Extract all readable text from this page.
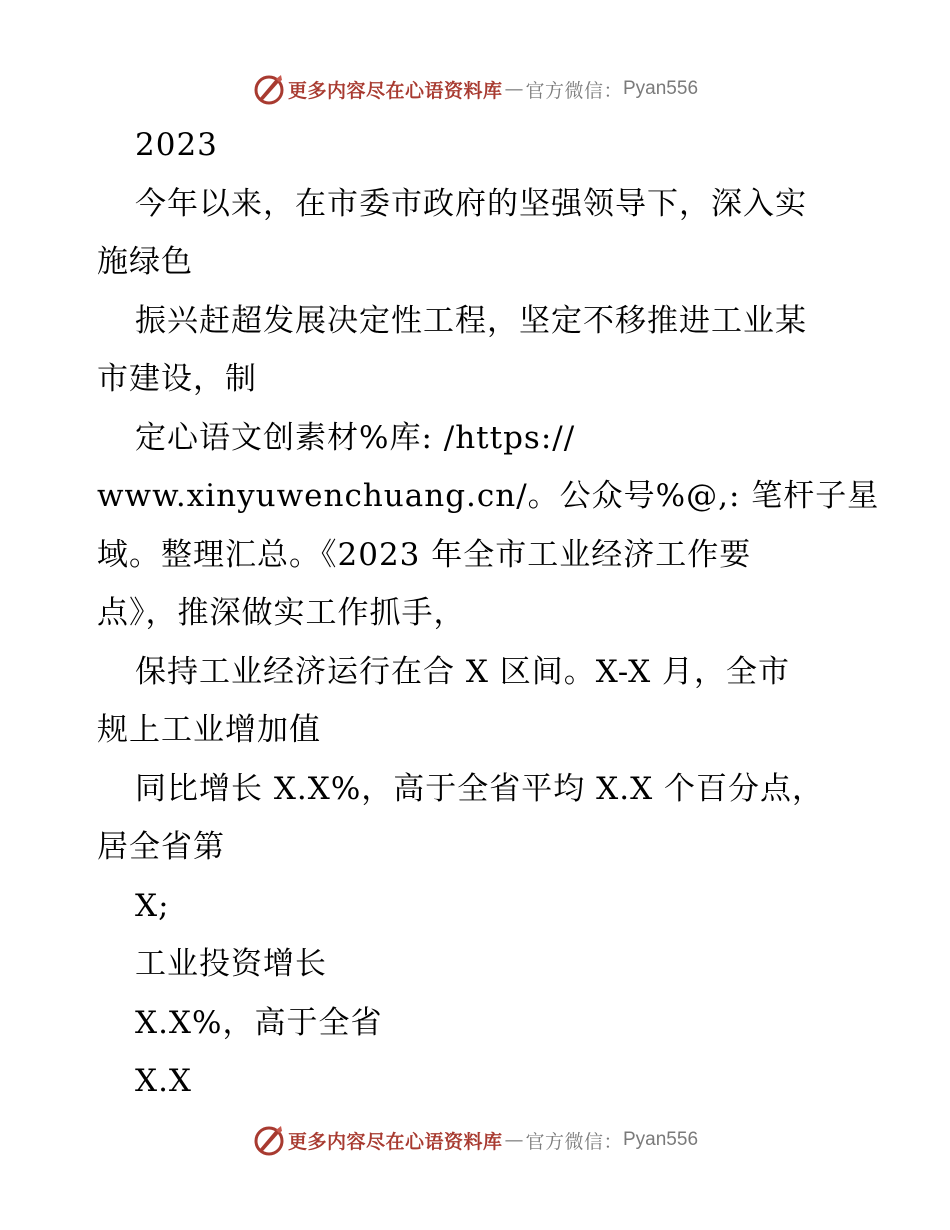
更多内容尽在心语资料库 — 官方微信： Pyan556
2023
今年以来，在市委市政府的坚强领导下，深入实
施绿色
振兴赶超发展决定性工程，坚定不移推进工业某
市建设，制
定心语文创素材%库: /https://
www.xinyuwenchuang.cn/。公众号%@,: 笔杆子星
域。整理汇总。《2023 年全市工业经济工作要
点》，推深做实工作抓手，
保持工业经济运行在合 X 区间。X-X 月，全市
规上工业增加值
同比增长 X.X%，高于全省平均 X.X 个百分点，
居全省第
X;
工业投资增长
X.X%，高于全省
X.X
更多内容尽在心语资料库 — 官方微信： Pyan556
